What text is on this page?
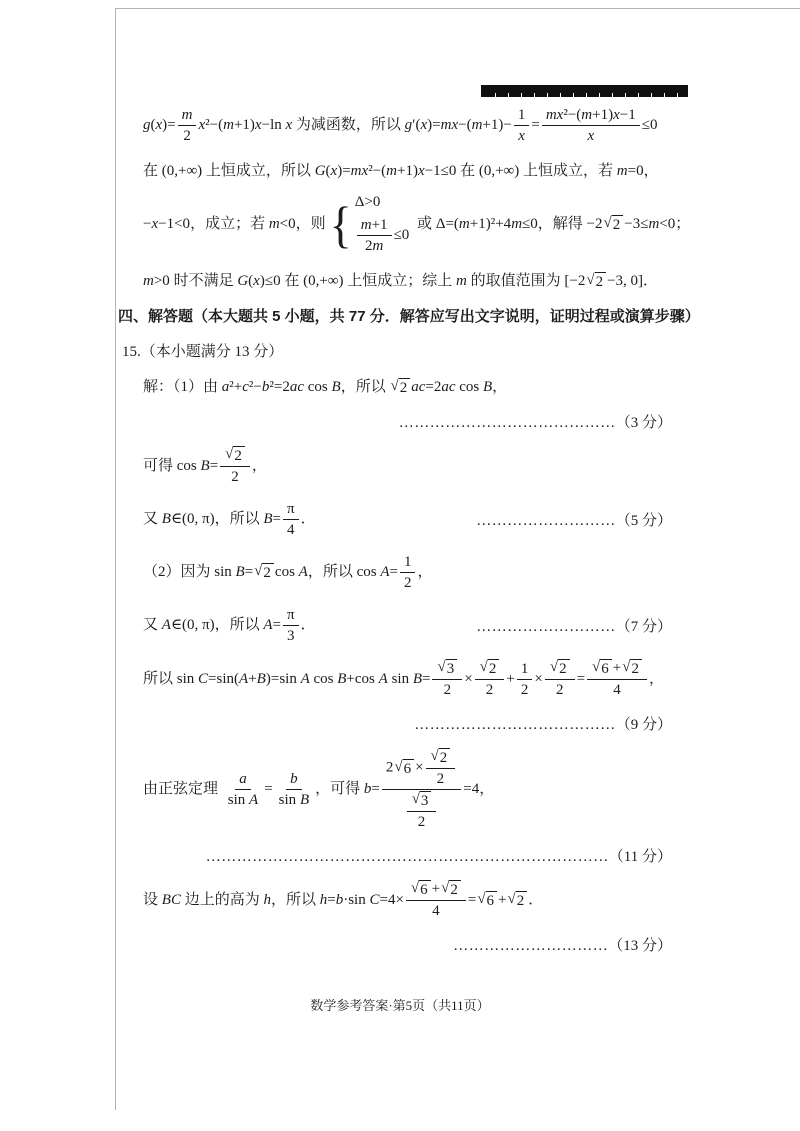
$g(x)= \frac{m}{2} x^2-(m+1)x-\ln$ x 为减函数，所以 $g'(x)=mx-(m+1)- \frac{1}{x} = \frac{\text{mx²−(m+1)x−1}}{x} \le 0$
在 (0,+∞) 上恒成立，所以 G(x)=mx²−(m+1)x−1≤0 在 (0,+∞) 上恒成立，若 m=0，
−x−1<0，成立；若 m<0，则 { Δ>0
$\frac{m+1}{2m} \le 0$
或 Δ=(m+1)²+4m≤0，解得 −2 √ 2 −3≤m<0；
m>0 时不满足 G(x)≤0 在 (0,+∞) 上恒成立；综上 m 的取值范围为 [−2 √ 2 −3, 0]．
四、解答题（本大题共 5 小题，共 77 分．解答应写出文字说明，证明过程或演算步骤）
15.（本小题满分 13 分）
解：（1）由 a²+c²−b²=2ac cos B，所以 √ 2 ac=2ac cos B，
……………………………………（3 分）
可得 $\cos B= \frac{√ 2}{2}$ ，
又 B∈(0, π)，所以 $B= \frac{\pi}{4}$ ．	………………………（5 分）
（2）因为 sin B= √ 2 cos A，所以 $\cos A= \frac{1}{2}$ ，
又 A∈(0, π)，所以 $A= \frac{\pi}{3}$ ．	………………………（7 分）
所以 sin C=sin(A+B)=sin A cos B+cos A $\sin B= \frac{√ 3}{2} \times \frac{√ 2}{2} + \frac{1}{2} \times \frac{√ 2}{2} = \frac{√ 6 + √ 2}{4}$ ，
…………………………………（9 分）
由正弦定理 $\frac{a}{\text{sin A}} = \frac{b}{\text{sin B}}$ ，可得 $b= \frac{2 √ 6 \times \frac{√ 2}{2}}{\frac{√ 3}{2}} =4$，
……………………………………………………………………（11 分）
设 BC 边上的高为 h，所以 h=b·sin $C=4\times \frac{√ 6 + √ 2}{4}$ = √ 6 + √ 2 ．
…………………………（13 分）
数学参考答案·第5页（共11页）
